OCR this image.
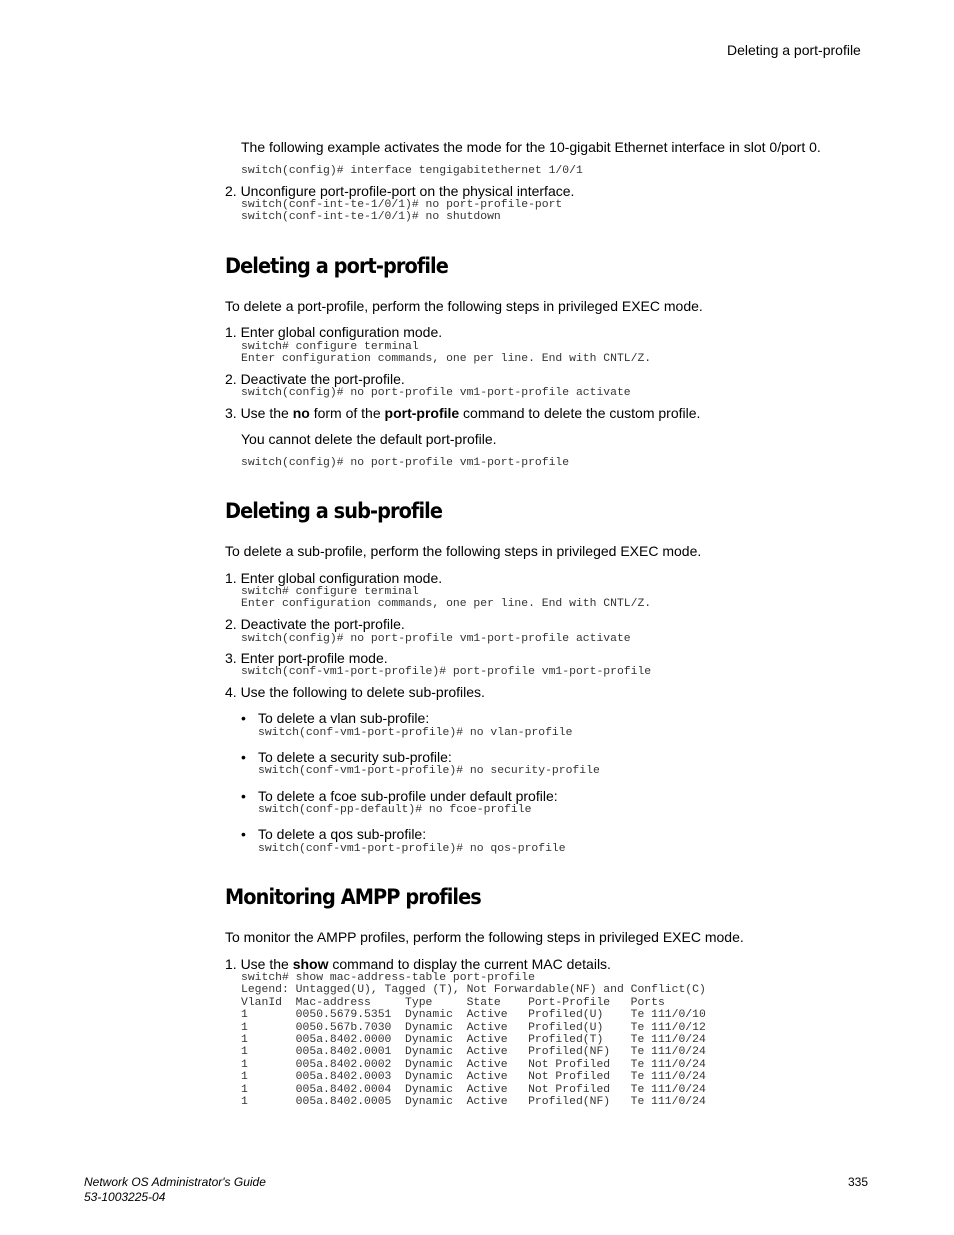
Deleting a port-profile
The following example activates the mode for the 10-gigabit Ethernet interface in slot 0/port 0.
switch(config)# interface tengigabitethernet 1/0/1
2. Unconfigure port-profile-port on the physical interface.
switch(conf-int-te-1/0/1)# no port-profile-port
switch(conf-int-te-1/0/1)# no shutdown
Deleting a port-profile
To delete a port-profile, perform the following steps in privileged EXEC mode.
1. Enter global configuration mode.
switch# configure terminal
Enter configuration commands, one per line. End with CNTL/Z.
2. Deactivate the port-profile.
switch(config)# no port-profile vm1-port-profile activate
3. Use the no form of the port-profile command to delete the custom profile.
You cannot delete the default port-profile.
switch(config)# no port-profile vm1-port-profile
Deleting a sub-profile
To delete a sub-profile, perform the following steps in privileged EXEC mode.
1. Enter global configuration mode.
switch# configure terminal
Enter configuration commands, one per line. End with CNTL/Z.
2. Deactivate the port-profile.
switch(config)# no port-profile vm1-port-profile activate
3. Enter port-profile mode.
switch(conf-vm1-port-profile)# port-profile vm1-port-profile
4. Use the following to delete sub-profiles.
• To delete a vlan sub-profile:
switch(conf-vm1-port-profile)# no vlan-profile
• To delete a security sub-profile:
switch(conf-vm1-port-profile)# no security-profile
• To delete a fcoe sub-profile under default profile:
switch(conf-pp-default)# no fcoe-profile
• To delete a qos sub-profile:
switch(conf-vm1-port-profile)# no qos-profile
Monitoring AMPP profiles
To monitor the AMPP profiles, perform the following steps in privileged EXEC mode.
1. Use the show command to display the current MAC details.
switch# show mac-address-table port-profile
Legend: Untagged(U), Tagged (T), Not Forwardable(NF) and Conflict(C)
VlanId  Mac-address     Type     State    Port-Profile   Ports
1       0050.5679.5351  Dynamic  Active   Profiled(U)    Te 111/0/10
1       0050.567b.7030  Dynamic  Active   Profiled(U)    Te 111/0/12
1       005a.8402.0000  Dynamic  Active   Profiled(T)    Te 111/0/24
1       005a.8402.0001  Dynamic  Active   Profiled(NF)   Te 111/0/24
1       005a.8402.0002  Dynamic  Active   Not Profiled   Te 111/0/24
1       005a.8402.0003  Dynamic  Active   Not Profiled   Te 111/0/24
1       005a.8402.0004  Dynamic  Active   Not Profiled   Te 111/0/24
1       005a.8402.0005  Dynamic  Active   Profiled(NF)   Te 111/0/24
Network OS Administrator's Guide
53-1003225-04
335
